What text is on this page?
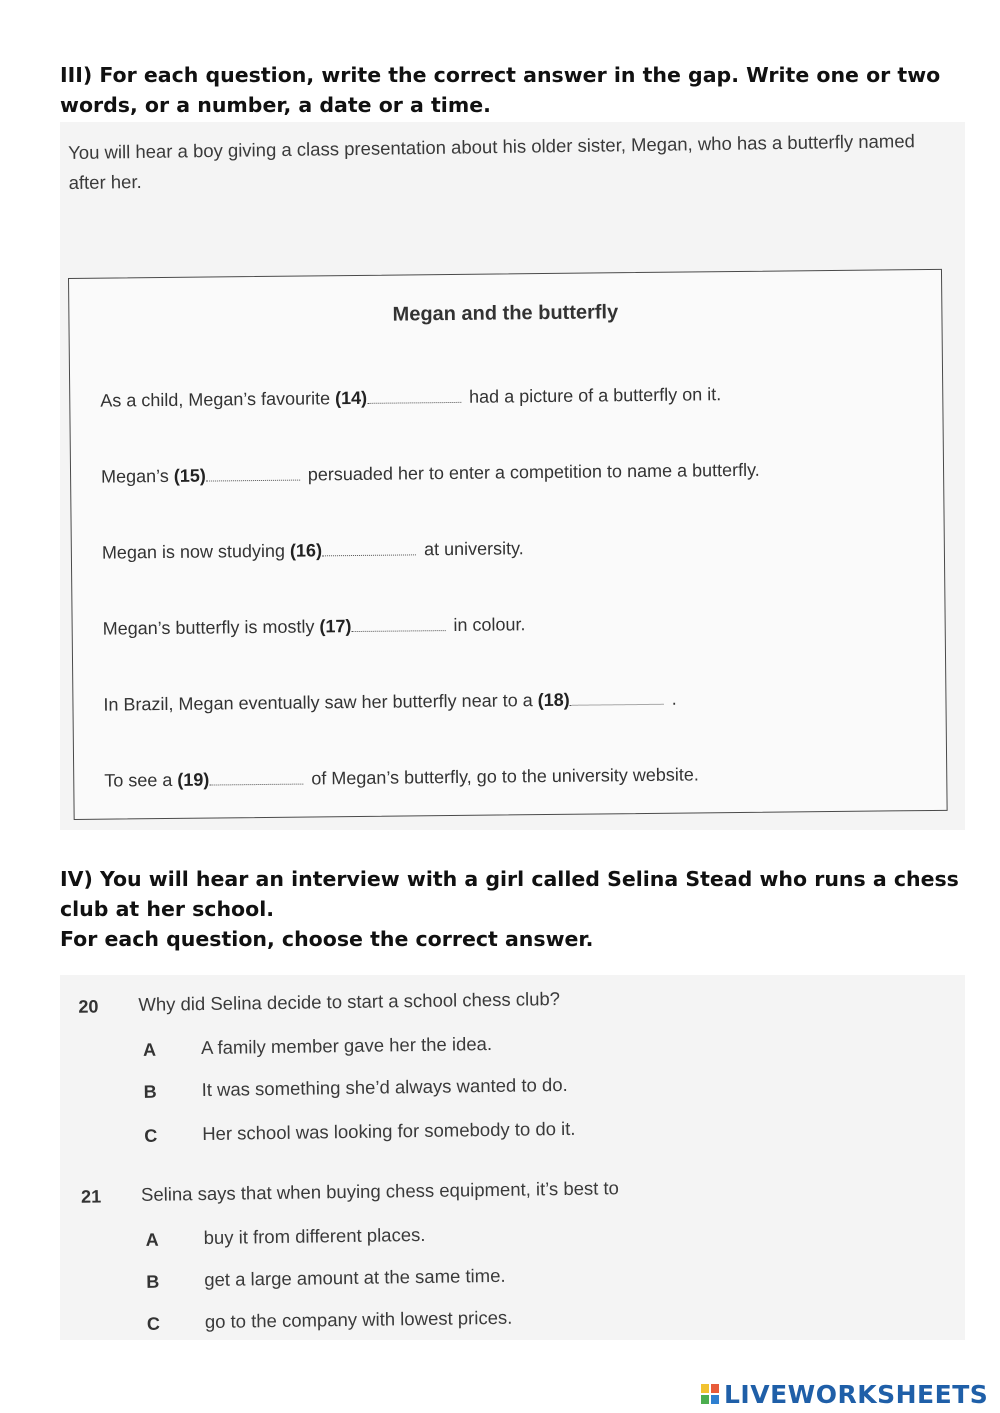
III) For each question, write the correct answer in the gap. Write one or two words, or a number, a date or a time.

You will hear a boy giving a class presentation about his older sister, Megan, who has a butterfly named after her.

Megan and the butterfly
As a child, Megan’s favourite (14)	had a picture of a butterfly on it.
Megan’s (15)	persuaded her to enter a competition to name a butterfly.
Megan is now studying (16)	at university.
Megan’s butterfly is mostly (17)	in colour.
In Brazil, Megan eventually saw her butterfly near to a (18)	.
To see a (19)	of Megan’s butterfly, go to the university website.
IV) You will hear an interview with a girl called Selina Stead who runs a chess club at her school.
For each question, choose the correct answer.
20 Why did Selina decide to start a school chess club?
A A family member gave her the idea.
B It was something she’d always wanted to do.
C Her school was looking for somebody to do it.
21 Selina says that when buying chess equipment, it’s best to
A buy it from different places.
B get a large amount at the same time.
C go to the company with lowest prices.
LIVEWORKSHEETS
